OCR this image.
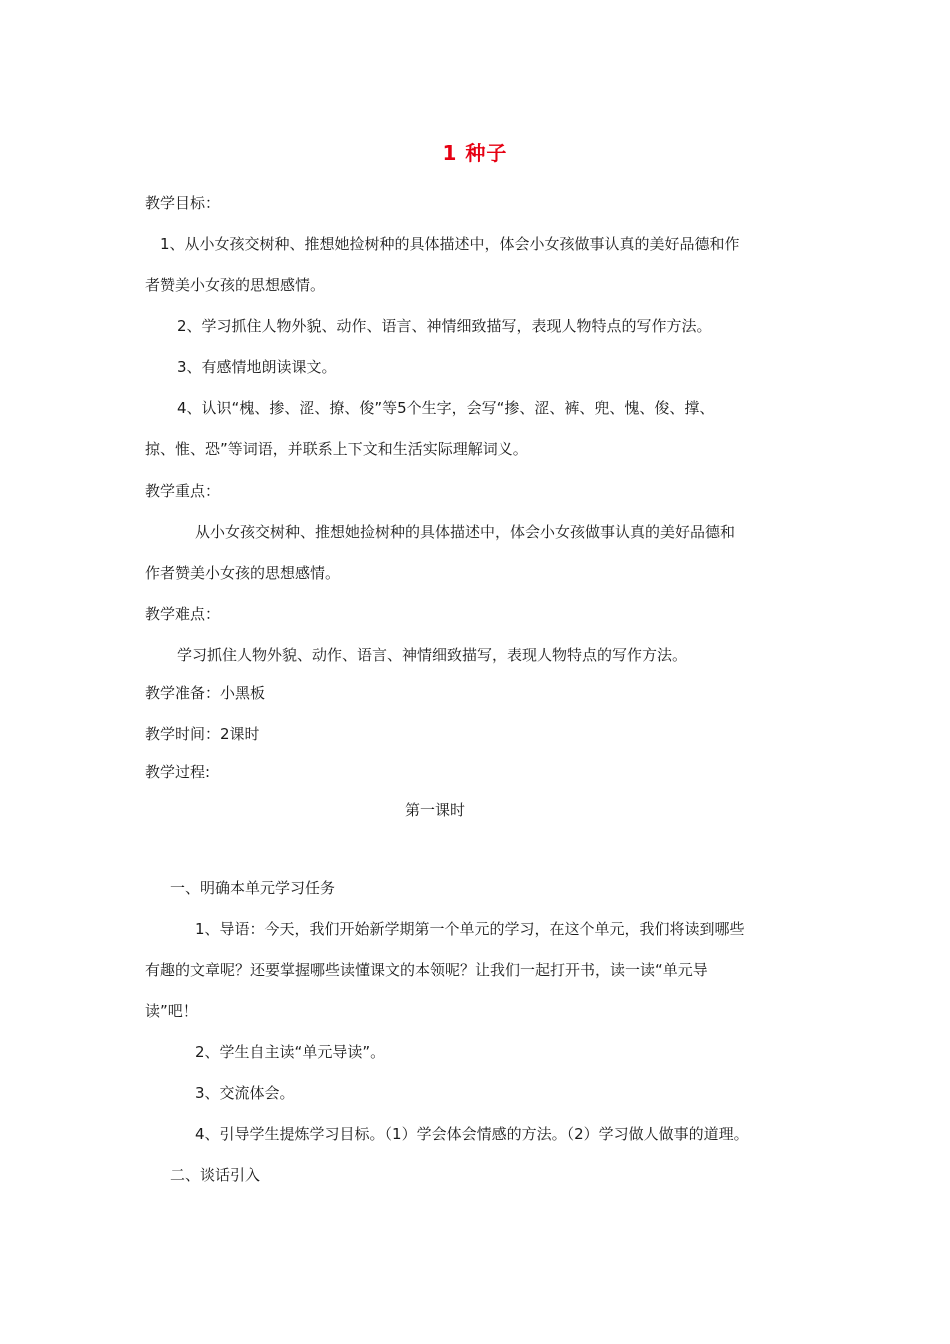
1 种子
教学目标：
1、从小女孩交树种、推想她捡树种的具体描述中，体会小女孩做事认真的美好品德和作
者赞美小女孩的思想感情。
2、学习抓住人物外貌、动作、语言、神情细致描写，表现人物特点的写作方法。
3、有感情地朗读课文。
4、认识“槐、掺、涩、撩、俊”等5个生字，会写“掺、涩、裤、兜、愧、俊、撑、
掠、惟、恐”等词语，并联系上下文和生活实际理解词义。
教学重点：
从小女孩交树种、推想她捡树种的具体描述中，体会小女孩做事认真的美好品德和
作者赞美小女孩的思想感情。
教学难点：
学习抓住人物外貌、动作、语言、神情细致描写，表现人物特点的写作方法。
教学准备：小黑板
教学时间：2课时
教学过程:
第一课时
一、明确本单元学习任务
1、导语：今天，我们开始新学期第一个单元的学习，在这个单元，我们将读到哪些
有趣的文章呢？还要掌握哪些读懂课文的本领呢？让我们一起打开书，读一读“单元导
读”吧！
2、学生自主读“单元导读”。
3、交流体会。
4、引导学生提炼学习目标。（1）学会体会情感的方法。（2）学习做人做事的道理。
二、谈话引入
